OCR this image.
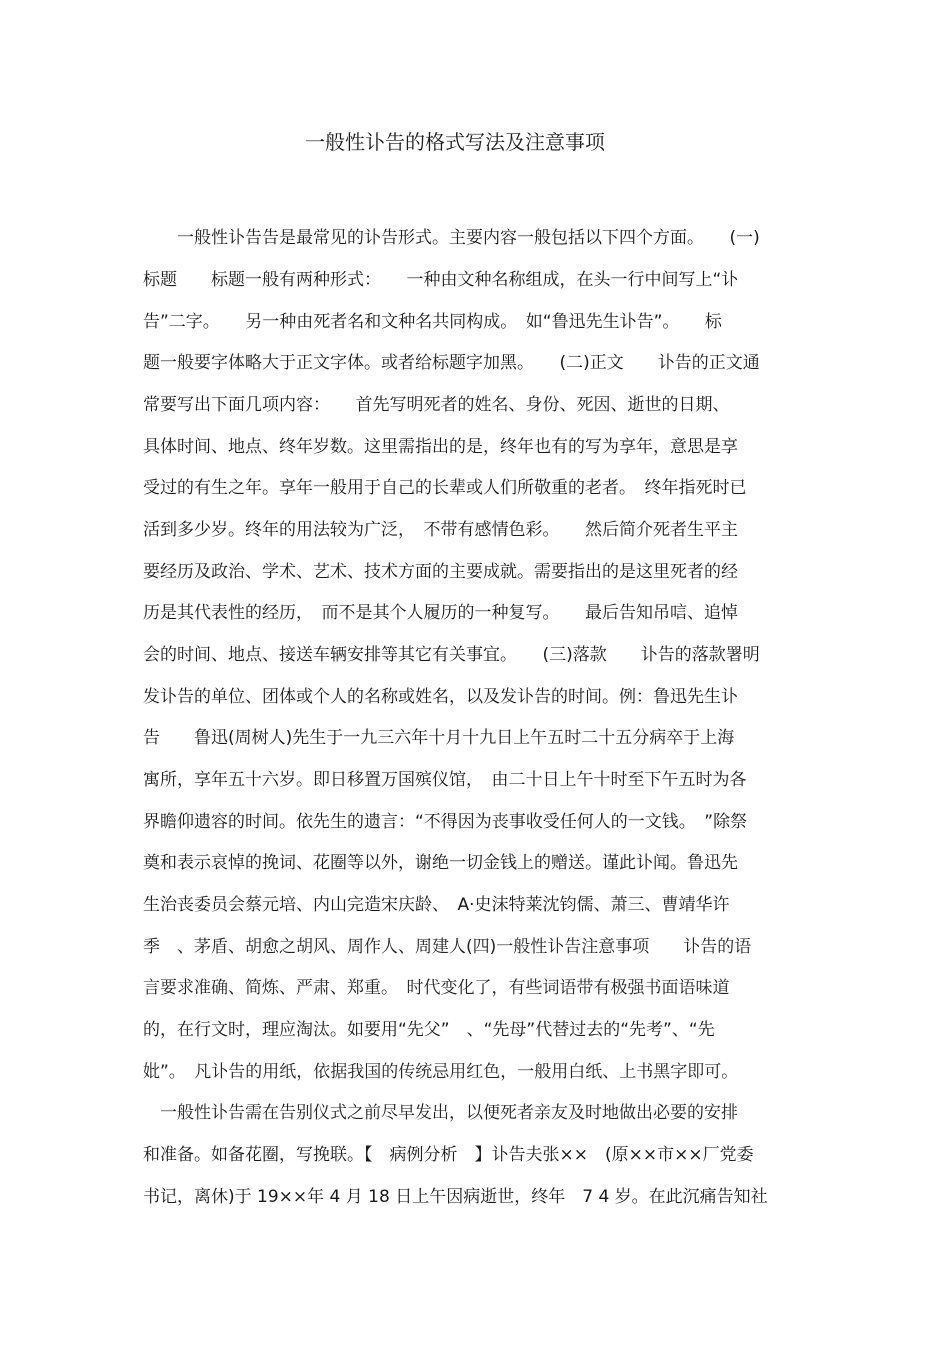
一般性讣告的格式写法及注意事项
　　一般性讣告告是最常见的讣告形式。主要内容一般包括以下四个方面。　　(一)
标题　　标题一般有两种形式：　　一种由文种名称组成，在头一行中间写上“讣
告”二字。　　另一种由死者名和文种名共同构成。　如“鲁迅先生讣告”。　　标
题一般要字体略大于正文字体。或者给标题字加黑。　　(二)正文　　讣告的正文通
常要写出下面几项内容：　　首先写明死者的姓名、身份、死因、逝世的日期、
具体时间、地点、终年岁数。这里需指出的是，终年也有的写为享年，意思是享
受过的有生之年。享年一般用于自己的长辈或人们所敬重的老者。　终年指死时已
活到多少岁。终年的用法较为广泛，　不带有感情色彩。　　然后简介死者生平主
要经历及政治、学术、艺术、技术方面的主要成就。需要指出的是这里死者的经
历是其代表性的经历，　而不是其个人履历的一种复写。　　最后告知吊唁、追悼
会的时间、地点、接送车辆安排等其它有关事宜。　　(三)落款　　讣告的落款署明
发讣告的单位、团体或个人的名称或姓名，以及发讣告的时间。例：鲁迅先生讣
告　　鲁迅(周树人)先生于一九三六年十月十九日上午五时二十五分病卒于上海
寓所，享年五十六岁。即日移置万国殡仪馆，　由二十日上午十时至下午五时为各
界瞻仰遗容的时间。依先生的遗言：“不得因为丧事收受任何人的一文钱。　”除祭
奠和表示哀悼的挽词、花圈等以外，谢绝一切金钱上的赠送。谨此讣闻。鲁迅先
生治丧委员会蔡元培、内山完造宋庆龄、　A·史沫特莱沈钧儒、萧三、曹靖华许
季　、茅盾、胡愈之胡风、周作人、周建人(四)一般性讣告注意事项　　讣告的语
言要求准确、简炼、严肃、郑重。　时代变化了，有些词语带有极强书面语味道
的，在行文时，理应淘汰。如要用“先父”　、“先母”代替过去的“先考”、“先
妣”。　凡讣告的用纸，依据我国的传统忌用红色，一般用白纸、上书黑字即可。
　一般性讣告需在告别仪式之前尽早发出，以便死者亲友及时地做出必要的安排
和准备。如备花圈，写挽联。【　病例分析　】讣告夫张××　(原××市××厂党委
书记，离休)于 19××年 4 月 18 日上午因病逝世，终年　7 4 岁。在此沉痛告知社
